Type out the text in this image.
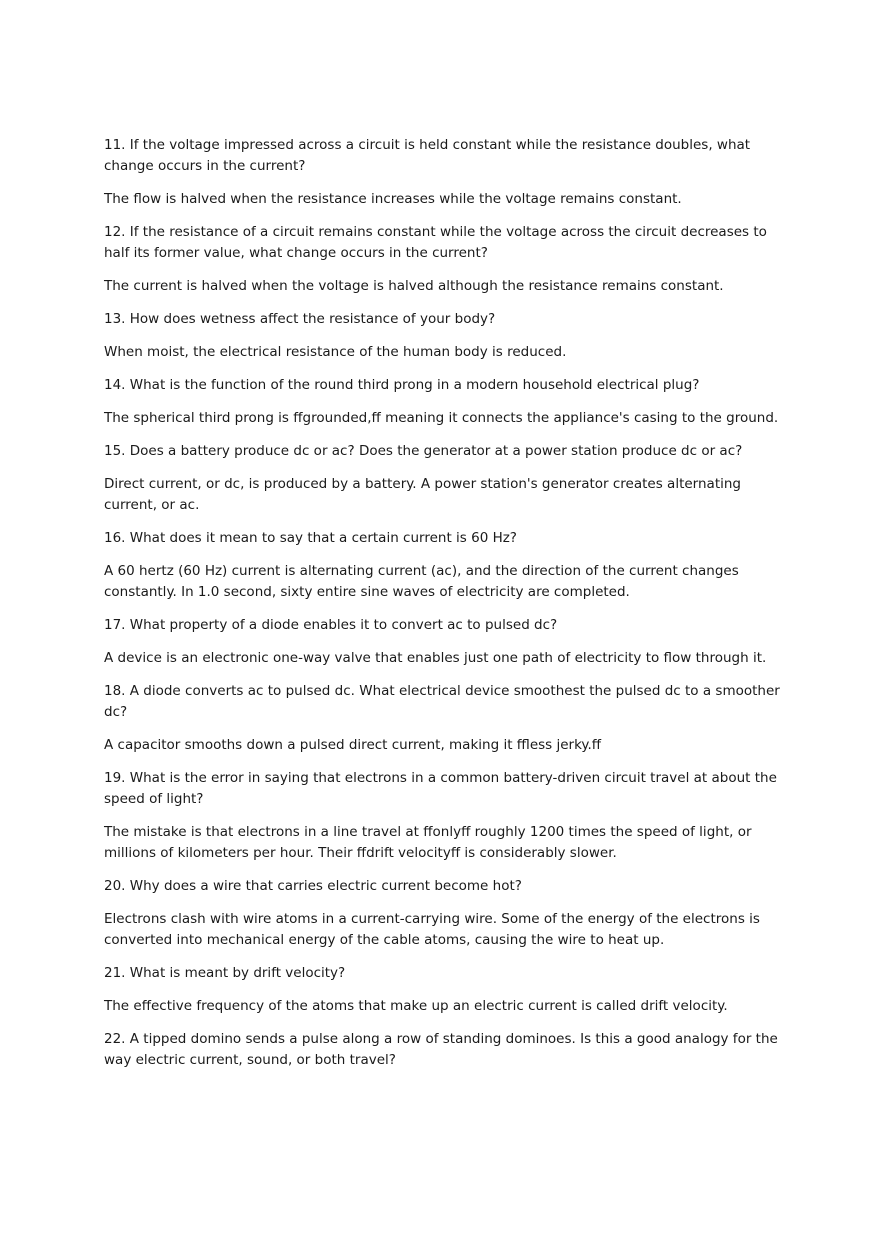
11. If the voltage impressed across a circuit is held constant while the resistance doubles, what change occurs in the current?

The flow is halved when the resistance increases while the voltage remains constant.

12. If the resistance of a circuit remains constant while the voltage across the circuit decreases to half its former value, what change occurs in the current?

The current is halved when the voltage is halved although the resistance remains constant.

13. How does wetness affect the resistance of your body?

When moist, the electrical resistance of the human body is reduced.

14. What is the function of the round third prong in a modern household electrical plug?

The spherical third prong is ffgrounded,ff meaning it connects the appliance's casing to the ground.

15. Does a battery produce dc or ac? Does the generator at a power station produce dc or ac?

Direct current, or dc, is produced by a battery. A power station's generator creates alternating current, or ac.

16. What does it mean to say that a certain current is 60 Hz?

A 60 hertz (60 Hz) current is alternating current (ac), and the direction of the current changes constantly. In 1.0 second, sixty entire sine waves of electricity are completed.

17. What property of a diode enables it to convert ac to pulsed dc?

A device is an electronic one-way valve that enables just one path of electricity to flow through it.

18. A diode converts ac to pulsed dc. What electrical device smoothest the pulsed dc to a smoother dc?

A capacitor smooths down a pulsed direct current, making it ffless jerky.ff

19. What is the error in saying that electrons in a common battery-driven circuit travel at about the speed of light?

The mistake is that electrons in a line travel at ffonlyff roughly 1200 times the speed of light, or millions of kilometers per hour. Their ffdrift velocityff is considerably slower.

20. Why does a wire that carries electric current become hot?

Electrons clash with wire atoms in a current-carrying wire. Some of the energy of the electrons is converted into mechanical energy of the cable atoms, causing the wire to heat up.

21. What is meant by drift velocity?

The effective frequency of the atoms that make up an electric current is called drift velocity.

22. A tipped domino sends a pulse along a row of standing dominoes. Is this a good analogy for the way electric current, sound, or both travel?
